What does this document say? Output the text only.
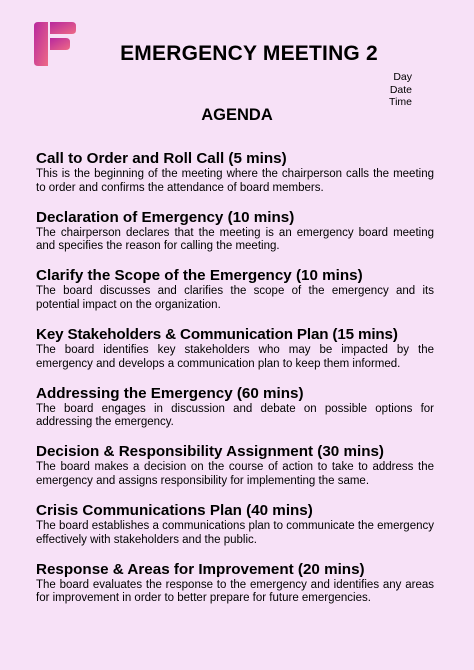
EMERGENCY MEETING 2
Day
Date
Time
AGENDA
Call to Order and Roll Call (5 mins)
This is the beginning of the meeting where the chairperson calls the meeting to order and confirms the attendance of board members.
Declaration of Emergency (10 mins)
The chairperson declares that the meeting is an emergency board meeting and specifies the reason for calling the meeting.
Clarify the Scope of the Emergency (10 mins)
The board discusses and clarifies the scope of the emergency and its potential impact on the organization.
Key Stakeholders & Communication Plan (15 mins)
The board identifies key stakeholders who may be impacted by the emergency and develops a communication plan to keep them informed.
Addressing the Emergency (60 mins)
The board engages in discussion and debate on possible options for addressing the emergency.
Decision & Responsibility Assignment (30 mins)
The board makes a decision on the course of action to take to address the emergency and assigns responsibility for implementing the same.
Crisis Communications Plan (40 mins)
The board establishes a communications plan to communicate the emergency effectively with stakeholders and the public.
Response & Areas for Improvement (20 mins)
The board evaluates the response to the emergency and identifies any areas for improvement in order to better prepare for future emergencies.
